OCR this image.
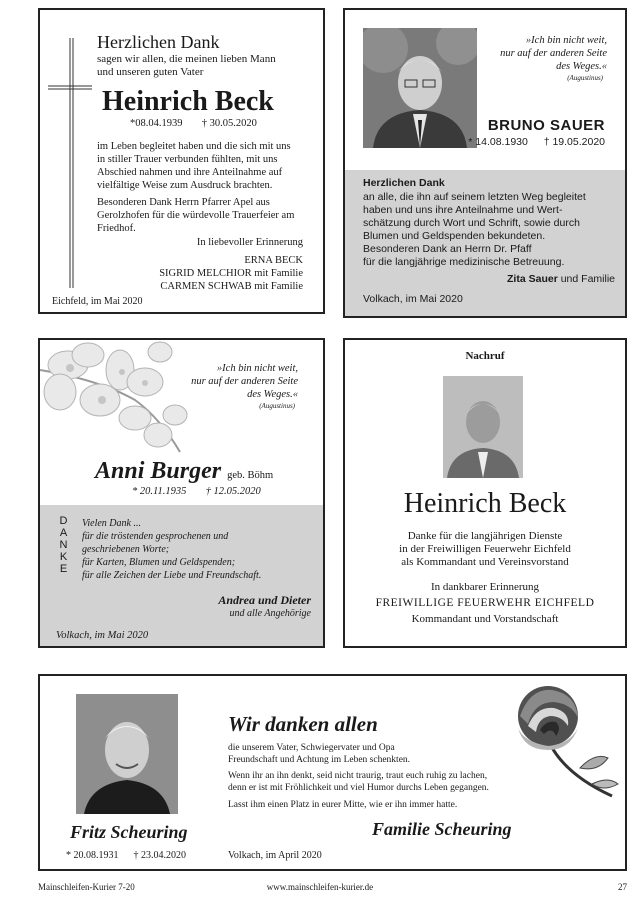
Herzlichen Dank
sagen wir allen, die meinen lieben Mann
und unseren guten Vater
Heinrich Beck
*08.04.1939 † 30.05.2020
im Leben begleitet haben und die sich mit uns
in stiller Trauer verbunden fühlten, mit uns
Abschied nahmen und ihre Anteilnahme auf
vielfältige Weise zum Ausdruck brachten.
Besonderen Dank Herrn Pfarrer Apel aus
Gerolzhofen für die würdevolle Trauerfeier am
Friedhof.
In liebevoller Erinnerung
ERNA BECK
SIGRID MELCHIOR mit Familie
CARMEN SCHWAB mit Familie
Eichfeld, im Mai 2020
»Ich bin nicht weit,
nur auf der anderen Seite
des Weges.«
(Augustinus)
BRUNO SAUER
* 14.08.1930 † 19.05.2020
Herzlichen Dank
an alle, die ihn auf seinem letzten Weg begleitet
haben und uns ihre Anteilnahme und Wert-
schätzung durch Wort und Schrift, sowie durch
Blumen und Geldspenden bekundeten.
Besonderen Dank an Herrn Dr. Pfaff
für die langjährige medizinische Betreuung.
Zita Sauer und Familie
Volkach, im Mai 2020
»Ich bin nicht weit,
nur auf der anderen Seite
des Weges.«
(Augustinus)
Anni Burger geb. Böhm
* 20.11.1935 † 12.05.2020
D
A
N
K
E
Vielen Dank ...
für die tröstenden gesprochenen und
geschriebenen Worte;
für Karten, Blumen und Geldspenden;
für alle Zeichen der Liebe und Freundschaft.
Andrea und Dieter
und alle Angehörige
Volkach, im Mai 2020
Nachruf
Heinrich Beck
Danke für die langjährigen Dienste
in der Freiwilligen Feuerwehr Eichfeld
als Kommandant und Vereinsvorstand
In dankbarer Erinnerung
FREIWILLIGE FEUERWEHR EICHFELD
Kommandant und Vorstandschaft
Fritz Scheuring
* 20.08.1931 † 23.04.2020
Wir danken allen
die unserem Vater, Schwiegervater und Opa
Freundschaft und Achtung im Leben schenkten.
Wenn ihr an ihn denkt, seid nicht traurig, traut euch ruhig zu lachen,
denn er ist mit Fröhlichkeit und viel Humor durchs Leben gegangen.
Lasst ihm einen Platz in eurer Mitte, wie er ihn immer hatte.
Familie Scheuring
Volkach, im April 2020
Mainschleifen-Kurier 7-20	www.mainschleifen-kurier.de	27
